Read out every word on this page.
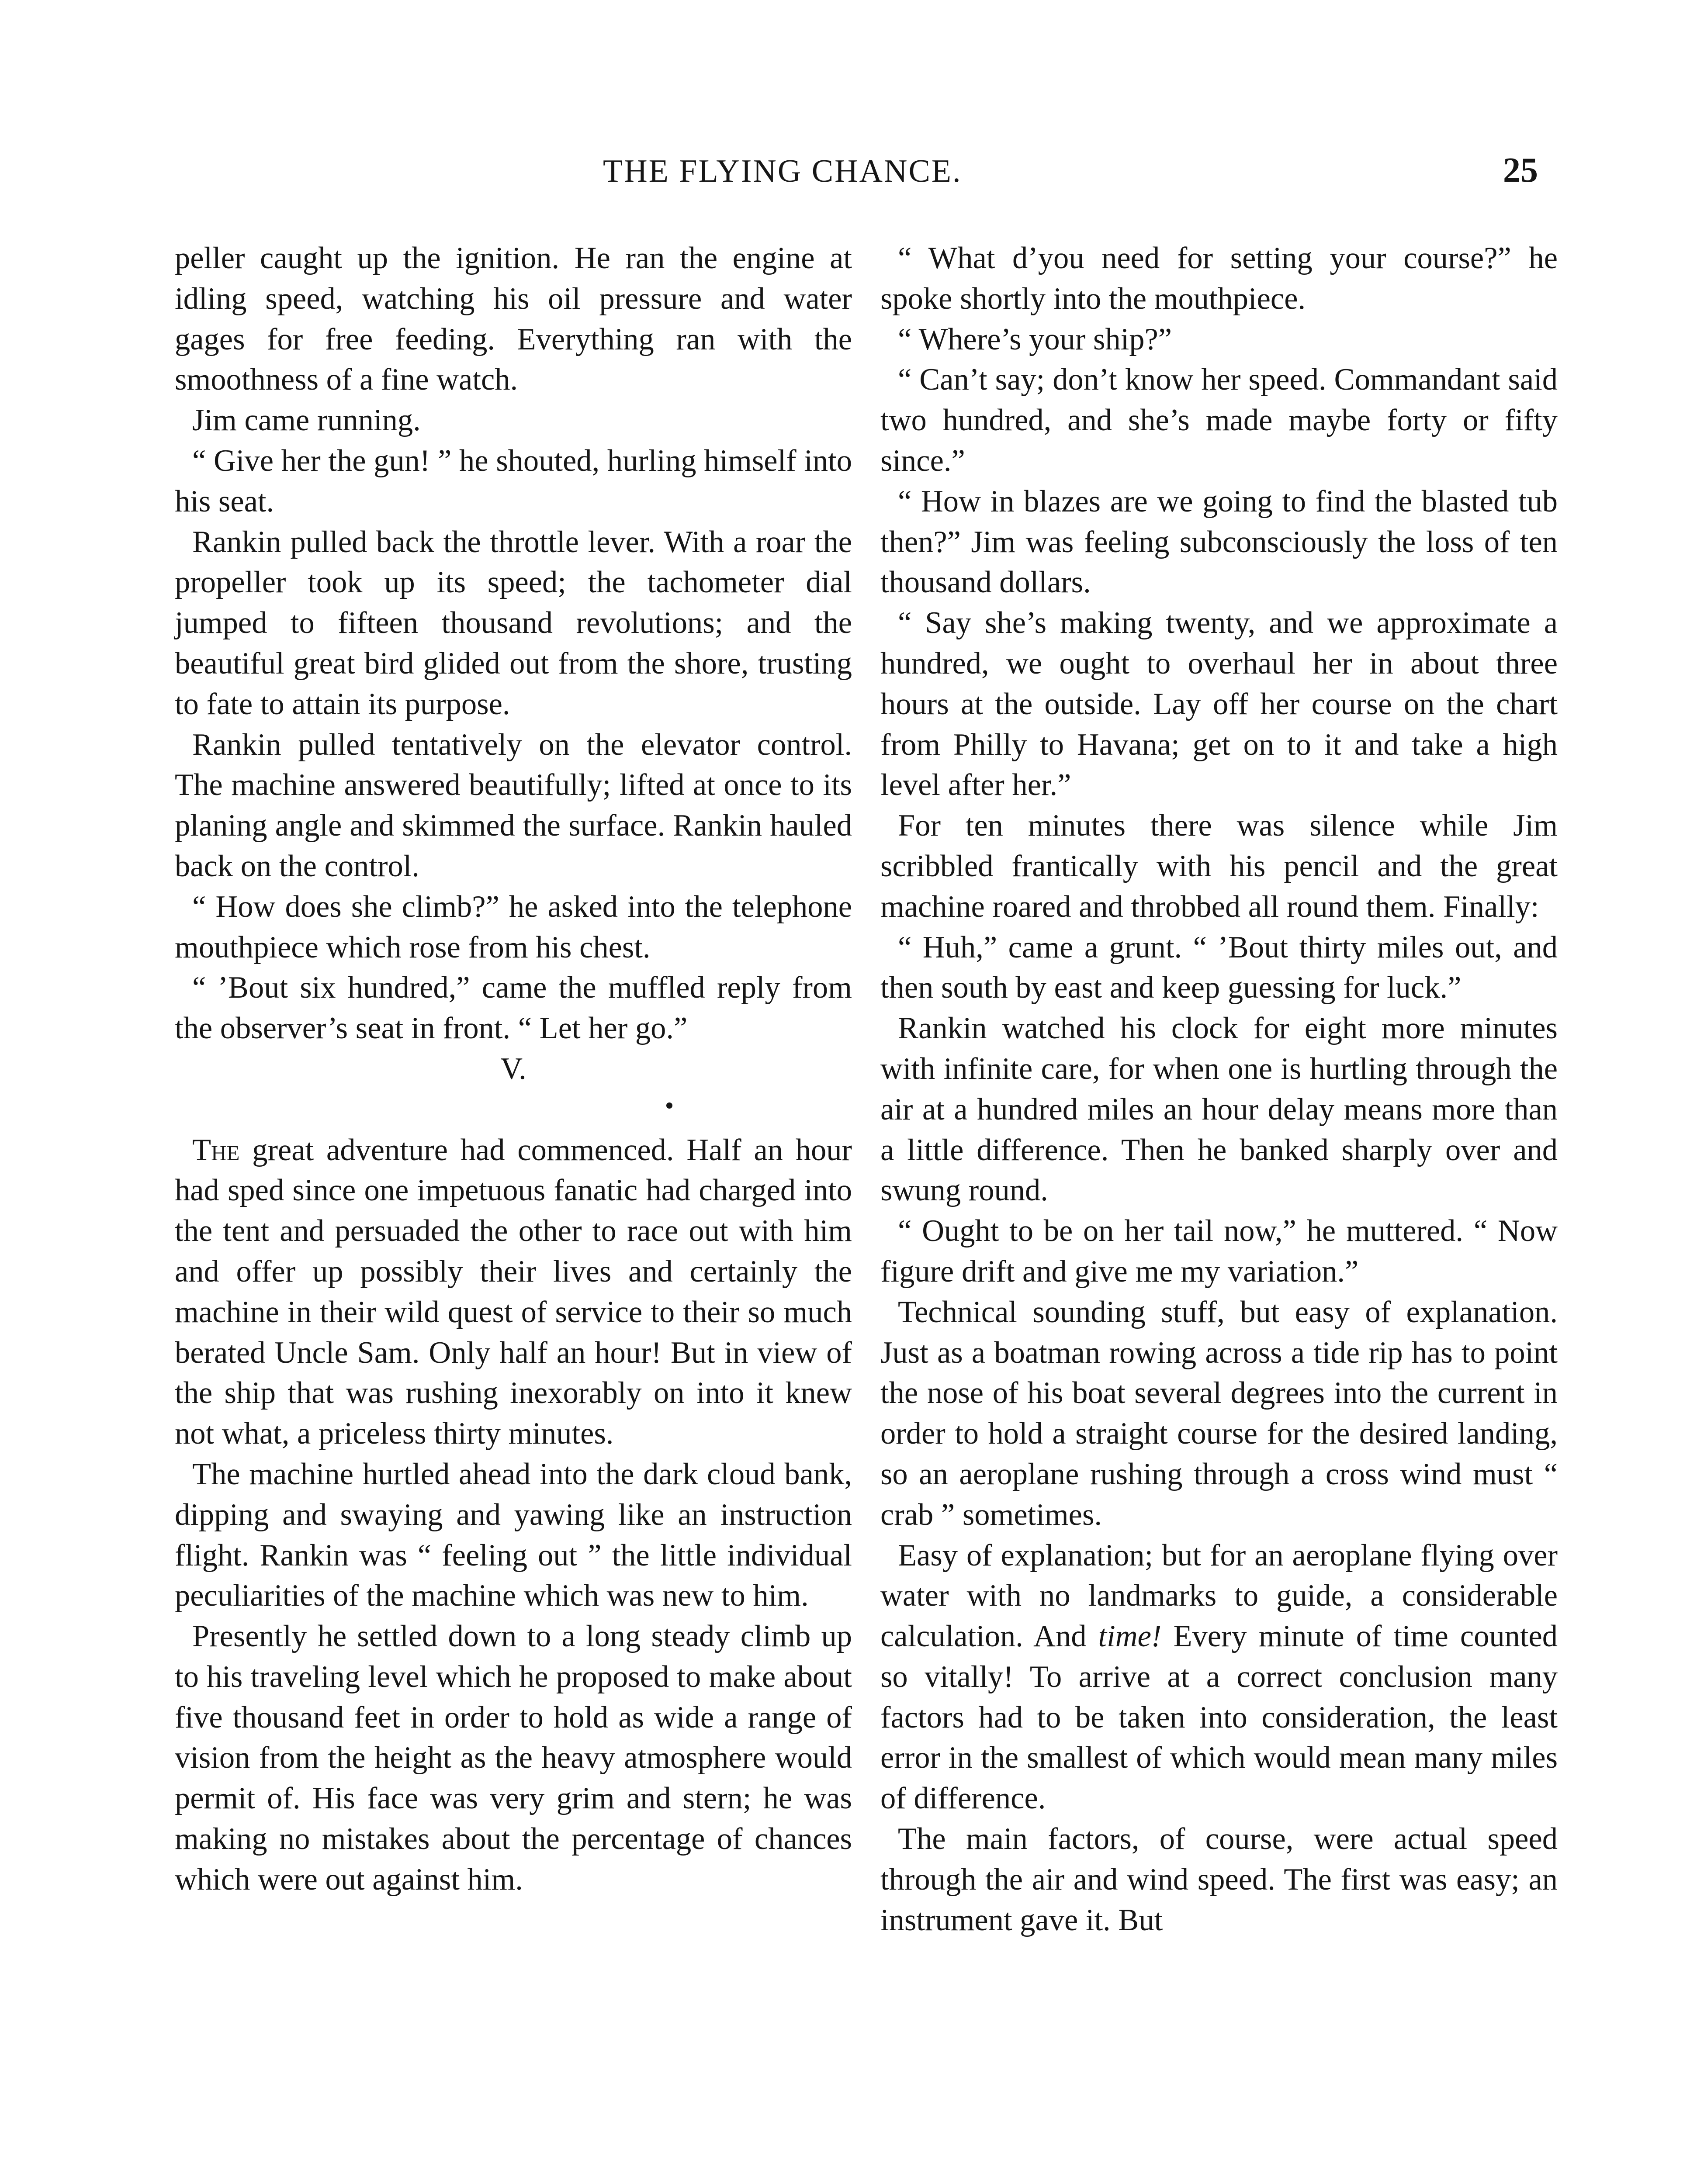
THE FLYING CHANCE.	25

peller caught up the ignition. He ran the engine at idling speed, watching his oil pressure and water gages for free feeding. Everything ran with the smoothness of a fine watch.

Jim came running.

“ Give her the gun! ” he shouted, hurling himself into his seat.

Rankin pulled back the throttle lever. With a roar the propeller took up its speed; the tachometer dial jumped to fifteen thousand revolutions; and the beautiful great bird glided out from the shore, trusting to fate to attain its purpose.

Rankin pulled tentatively on the elevator control. The machine answered beautifully; lifted at once to its planing angle and skimmed the surface. Rankin hauled back on the control.

“ How does she climb?” he asked into the telephone mouthpiece which rose from his chest.

“ ’Bout six hundred,” came the muffled reply from the observer’s seat in front. “ Let her go.”

V.

The great adventure had commenced. Half an hour had sped since one impetuous fanatic had charged into the tent and persuaded the other to race out with him and offer up possibly their lives and certainly the machine in their wild quest of service to their so much berated Uncle Sam. Only half an hour! But in view of the ship that was rushing inexorably on into it knew not what, a priceless thirty minutes.

The machine hurtled ahead into the dark cloud bank, dipping and swaying and yawing like an instruction flight. Rankin was “ feeling out ” the little individual peculiarities of the machine which was new to him.

Presently he settled down to a long steady climb up to his traveling level which he proposed to make about five thousand feet in order to hold as wide a range of vision from the height as the heavy atmosphere would permit of. His face was very grim and stern; he was making no mistakes about the percentage of chances which were out against him.

“ What d’you need for setting your course?” he spoke shortly into the mouthpiece.

“ Where’s your ship?”

“ Can’t say; don’t know her speed. Commandant said two hundred, and she’s made maybe forty or fifty since.”

“ How in blazes are we going to find the blasted tub then?” Jim was feeling subconsciously the loss of ten thousand dollars.

“ Say she’s making twenty, and we approximate a hundred, we ought to overhaul her in about three hours at the outside. Lay off her course on the chart from Philly to Havana; get on to it and take a high level after her.”

For ten minutes there was silence while Jim scribbled frantically with his pencil and the great machine roared and throbbed all round them. Finally:

“ Huh,” came a grunt. “ ’Bout thirty miles out, and then south by east and keep guessing for luck.”

Rankin watched his clock for eight more minutes with infinite care, for when one is hurtling through the air at a hundred miles an hour delay means more than a little difference. Then he banked sharply over and swung round.

“ Ought to be on her tail now,” he muttered. “ Now figure drift and give me my variation.”

Technical sounding stuff, but easy of explanation. Just as a boatman rowing across a tide rip has to point the nose of his boat several degrees into the current in order to hold a straight course for the desired landing, so an aeroplane rushing through a cross wind must “ crab ” sometimes.

Easy of explanation; but for an aeroplane flying over water with no landmarks to guide, a considerable calculation. And time! Every minute of time counted so vitally! To arrive at a correct conclusion many factors had to be taken into consideration, the least error in the smallest of which would mean many miles of difference.

The main factors, of course, were actual speed through the air and wind speed. The first was easy; an instrument gave it. But
